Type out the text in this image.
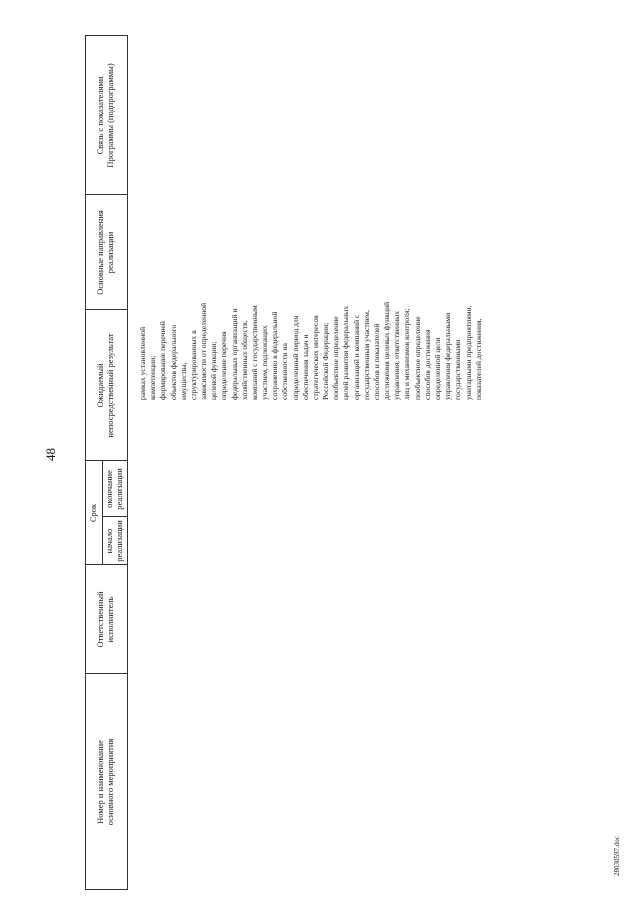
48
Номер и наименование
основного мероприятия
Ответственный
исполнитель
Срок
начало
реализации
окончание
реализации
Ожидаемый
непосредственный результат
Основные направления
реализации
Связь с показателями
Программы (подпрограммы)
рамках установленной компетенции; формирование перечней объектов федерального имущества, структурированных в зависимости от определенной целевой функции; определение перечня федеральных организаций и хозяйственных обществ, компаний с государственным участием, подлежащих сохранению в федеральной собственности на определенный период для обеспечения задач и стратегических интересов Российской Федерации; пообъектное определение целей развития федеральных организаций и компаний с государственным участием, способов и показателей достижения целевых функций управления, ответственных лиц и механизмов контроля; пообъектное определение способов достижения определенной цели управления федеральными государственными унитарными предприятиями, показателей достижения,
28030597.doc
